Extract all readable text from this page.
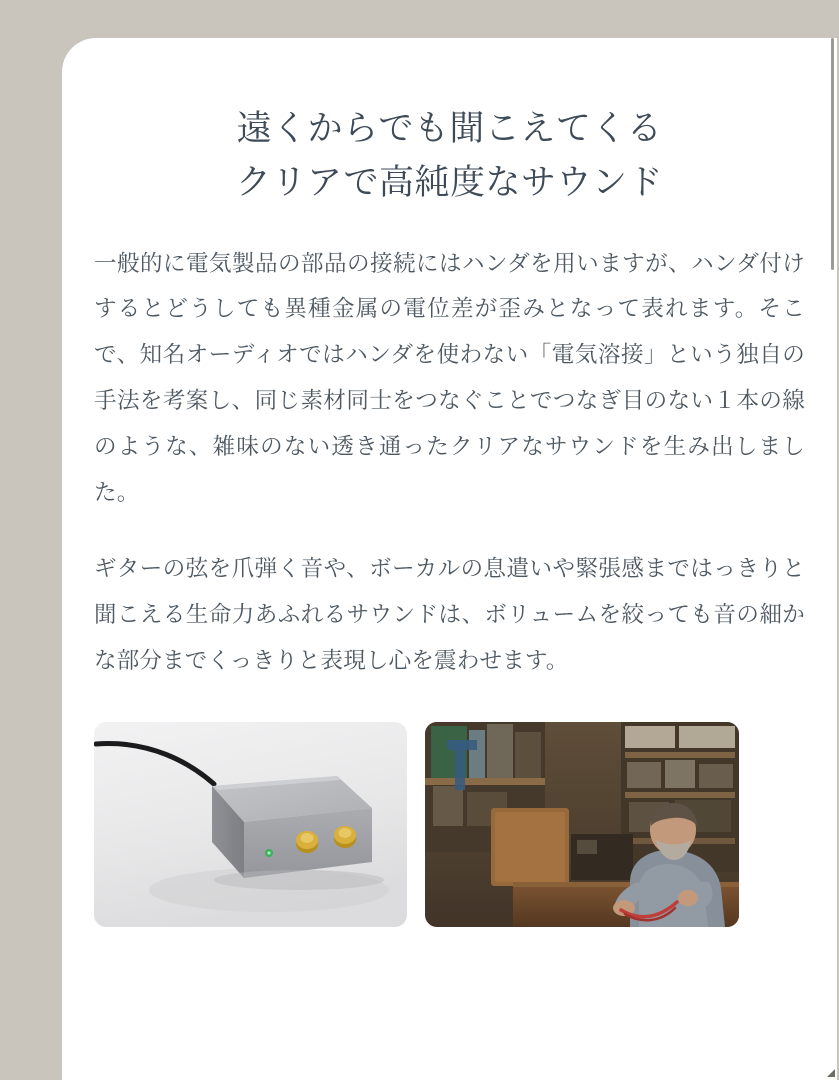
遠くからでも聞こえてくる
クリアで高純度なサウンド

一般的に電気製品の部品の接続にはハンダを用いますが、ハンダ付けするとどうしても異種金属の電位差が歪みとなって表れます。そこで、知名オーディオではハンダを使わない「電気溶接」という独自の手法を考案し、同じ素材同士をつなぐことでつなぎ目のない１本の線のような、雑味のない透き通ったクリアなサウンドを生み出しました。

ギターの弦を爪弾く音や、ボーカルの息遣いや緊張感まではっきりと聞こえる生命力あふれるサウンドは、ボリュームを絞っても音の細かな部分までくっきりと表現し心を震わせます。
